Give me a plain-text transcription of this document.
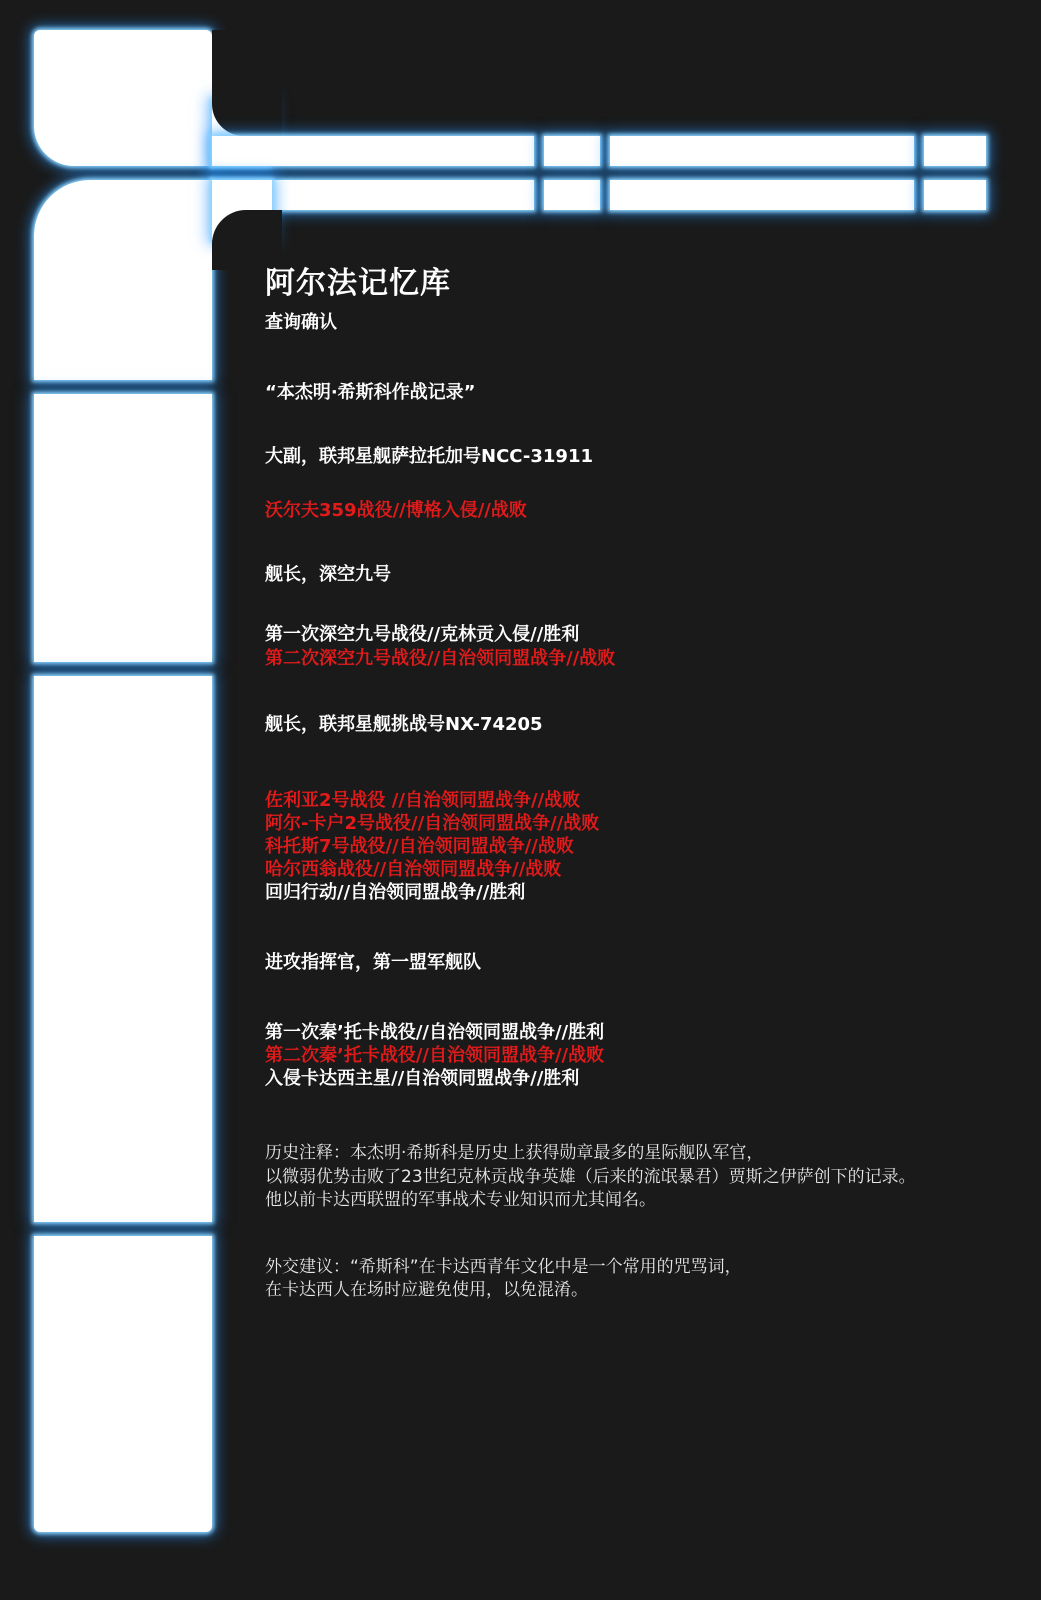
阿尔法记忆库
查询确认
“本杰明·希斯科作战记录”
大副，联邦星舰萨拉托加号NCC-31911
沃尔夫359战役//博格入侵//战败
舰长，深空九号
第一次深空九号战役//克林贡入侵//胜利
第二次深空九号战役//自治领同盟战争//战败
舰长，联邦星舰挑战号NX-74205
佐利亚2号战役 //自治领同盟战争//战败
阿尔-卡户2号战役//自治领同盟战争//战败
科托斯7号战役//自治领同盟战争//战败
哈尔西翁战役//自治领同盟战争//战败
回归行动//自治领同盟战争//胜利
进攻指挥官，第一盟军舰队
第一次秦’托卡战役//自治领同盟战争//胜利
第二次秦’托卡战役//自治领同盟战争//战败
入侵卡达西主星//自治领同盟战争//胜利
历史注释：本杰明·希斯科是历史上获得勋章最多的星际舰队军官，
以微弱优势击败了23世纪克林贡战争英雄（后来的流氓暴君）贾斯之伊萨创下的记录。
他以前卡达西联盟的军事战术专业知识而尤其闻名。
外交建议：“希斯科”在卡达西青年文化中是一个常用的咒骂词，
在卡达西人在场时应避免使用，以免混淆。
